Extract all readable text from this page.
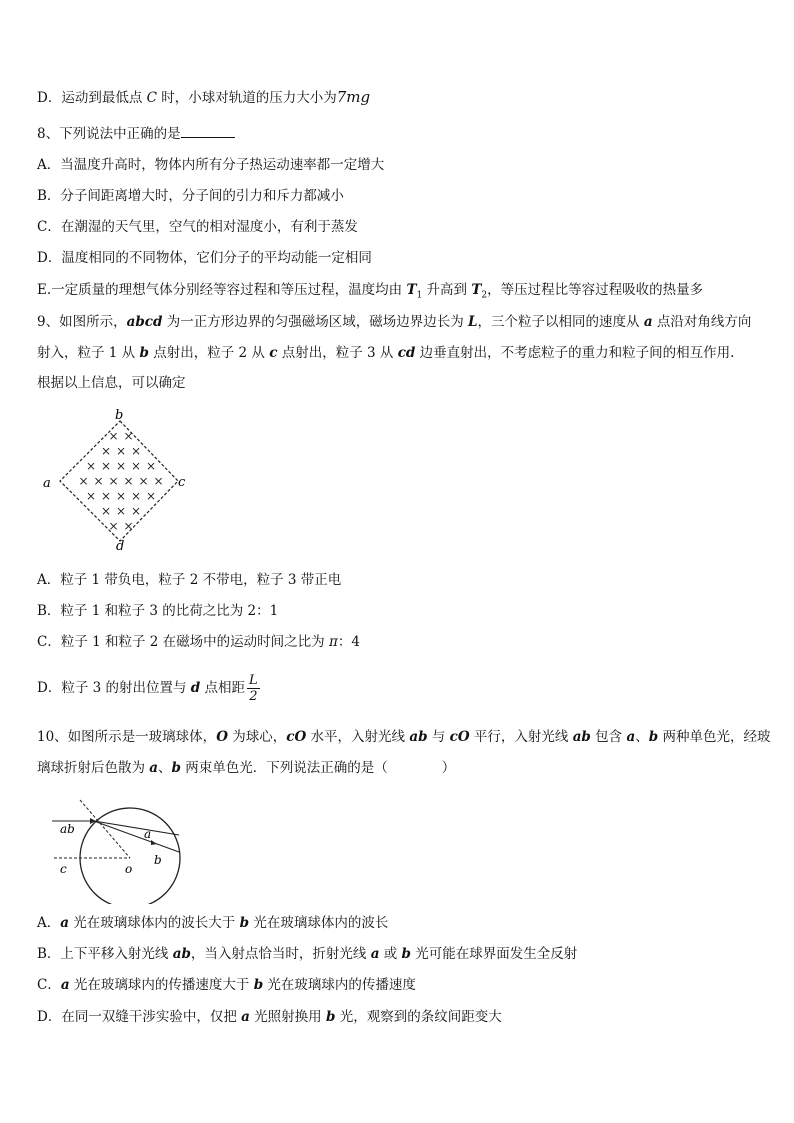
D．运动到最低点 C 时，小球对轨道的压力大小为7mg
8、下列说法中正确的是
A．当温度升高时，物体内所有分子热运动速率都一定增大
B．分子间距离增大时，分子间的引力和斥力都减小
C．在潮湿的天气里，空气的相对湿度小，有利于蒸发
D．温度相同的不同物体，它们分子的平均动能一定相同
E.一定质量的理想气体分别经等容过程和等压过程，温度均由 $T_1$ 升高到 $T_2$，等压过程比等容过程吸收的热量多
9、如图所示，abcd 为一正方形边界的匀强磁场区域，磁场边界边长为 L，三个粒子以相同的速度从 a 点沿对角线方向
射入，粒子 1 从 b 点射出，粒子 2 从 c 点射出，粒子 3 从 cd 边垂直射出，不考虑粒子的重力和粒子间的相互作用.
根据以上信息，可以确定
b
a	c
d
× ×
× × ×
× × × × ×
× × × × × ×
× × × × ×
× × ×
× ×
A．粒子 1 带负电，粒子 2 不带电，粒子 3 带正电
B．粒子 1 和粒子 3 的比荷之比为 2：1
C．粒子 1 和粒子 2 在磁场中的运动时间之比为 π：4
D．粒子 3 的射出位置与 d 点相距 $\frac{L}{2}$
10、如图所示是一玻璃球体，O 为球心，cO 水平，入射光线 ab 与 cO 平行，入射光线 ab 包含 a、b 两种单色光，经玻
璃球折射后色散为 a、b 两束单色光．下列说法正确的是（　　　　）
ab	a
b
c	o
A．a 光在玻璃球体内的波长大于 b 光在玻璃球体内的波长
B．上下平移入射光线 ab，当入射点恰当时，折射光线 a 或 b 光可能在球界面发生全反射
C．a 光在玻璃球内的传播速度大于 b 光在玻璃球内的传播速度
D．在同一双缝干涉实验中，仅把 a 光照射换用 b 光，观察到的条纹间距变大
